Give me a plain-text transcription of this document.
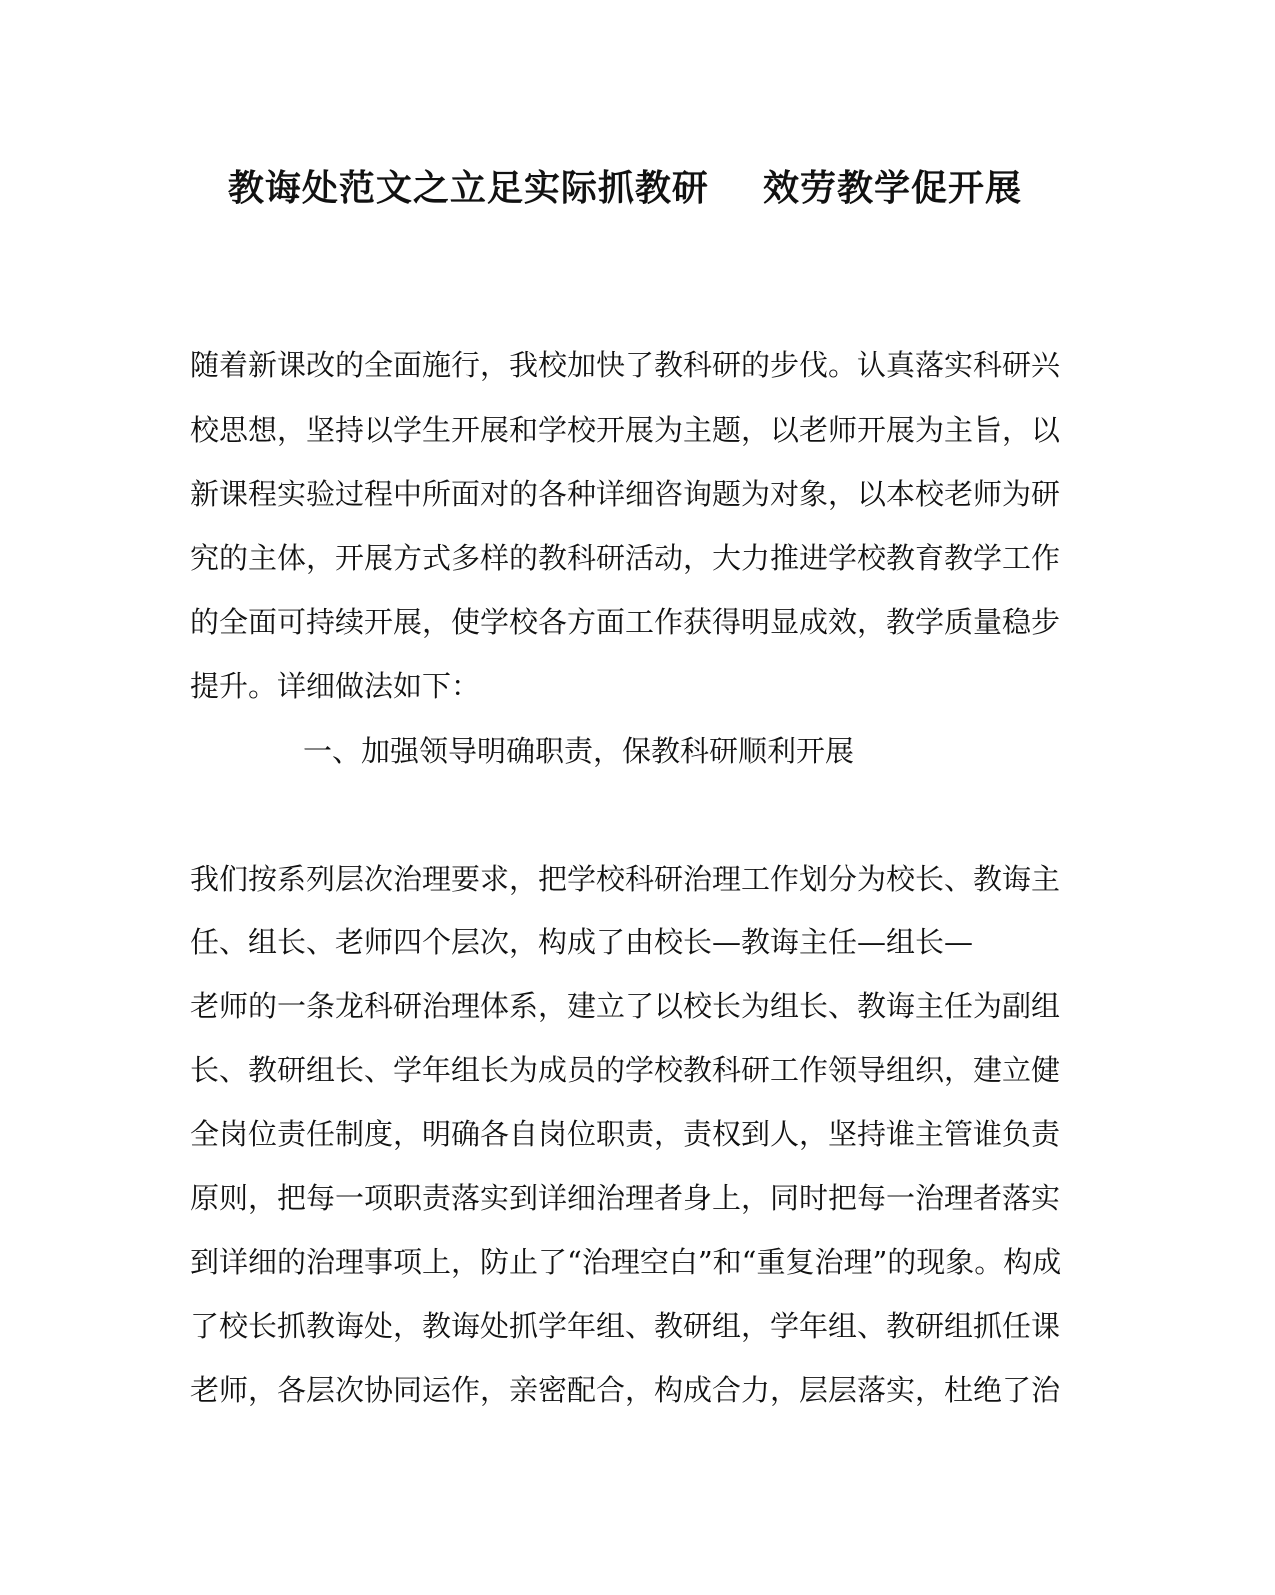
教诲处范文之立足实际抓教研    效劳教学促开展
随着新课改的全面施行，我校加快了教科研的步伐。认真落实科研兴
校思想，坚持以学生开展和学校开展为主题，以老师开展为主旨，以
新课程实验过程中所面对的各种详细咨询题为对象，以本校老师为研
究的主体，开展方式多样的教科研活动，大力推进学校教育教学工作
的全面可持续开展，使学校各方面工作获得明显成效，教学质量稳步
提升。详细做法如下：
一、加强领导明确职责，保教科研顺利开展
我们按系列层次治理要求，把学校科研治理工作划分为校长、教诲主
任、组长、老师四个层次，构成了由校长—教诲主任—组长—
老师的一条龙科研治理体系，建立了以校长为组长、教诲主任为副组
长、教研组长、学年组长为成员的学校教科研工作领导组织，建立健
全岗位责任制度，明确各自岗位职责，责权到人，坚持谁主管谁负责
原则，把每一项职责落实到详细治理者身上，同时把每一治理者落实
到详细的治理事项上，防止了“治理空白”和“重复治理”的现象。构成
了校长抓教诲处，教诲处抓学年组、教研组，学年组、教研组抓任课
老师，各层次协同运作，亲密配合，构成合力，层层落实，杜绝了治
